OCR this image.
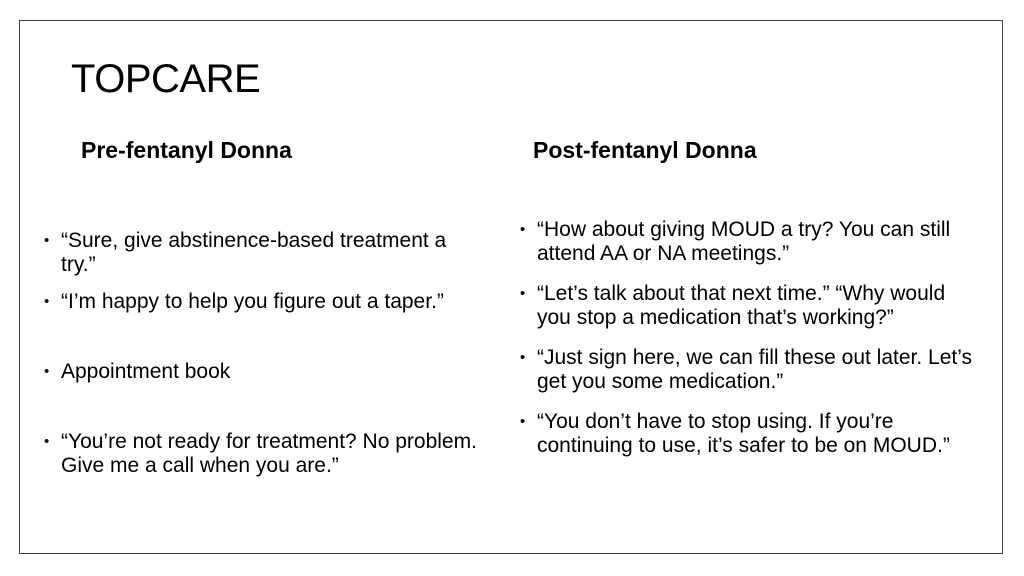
TOPCARE
Pre-fentanyl Donna	Post-fentanyl Donna
• “Sure, give abstinence-based treatment a try.”
• “I’m happy to help you figure out a taper.”
• Appointment book
• “You’re not ready for treatment? No problem. Give me a call when you are.”
• “How about giving MOUD a try? You can still attend AA or NA meetings.”
• “Let’s talk about that next time.” “Why would you stop a medication that’s working?”
• “Just sign here, we can fill these out later. Let’s get you some medication.”
• “You don’t have to stop using. If you’re continuing to use, it’s safer to be on MOUD.”
